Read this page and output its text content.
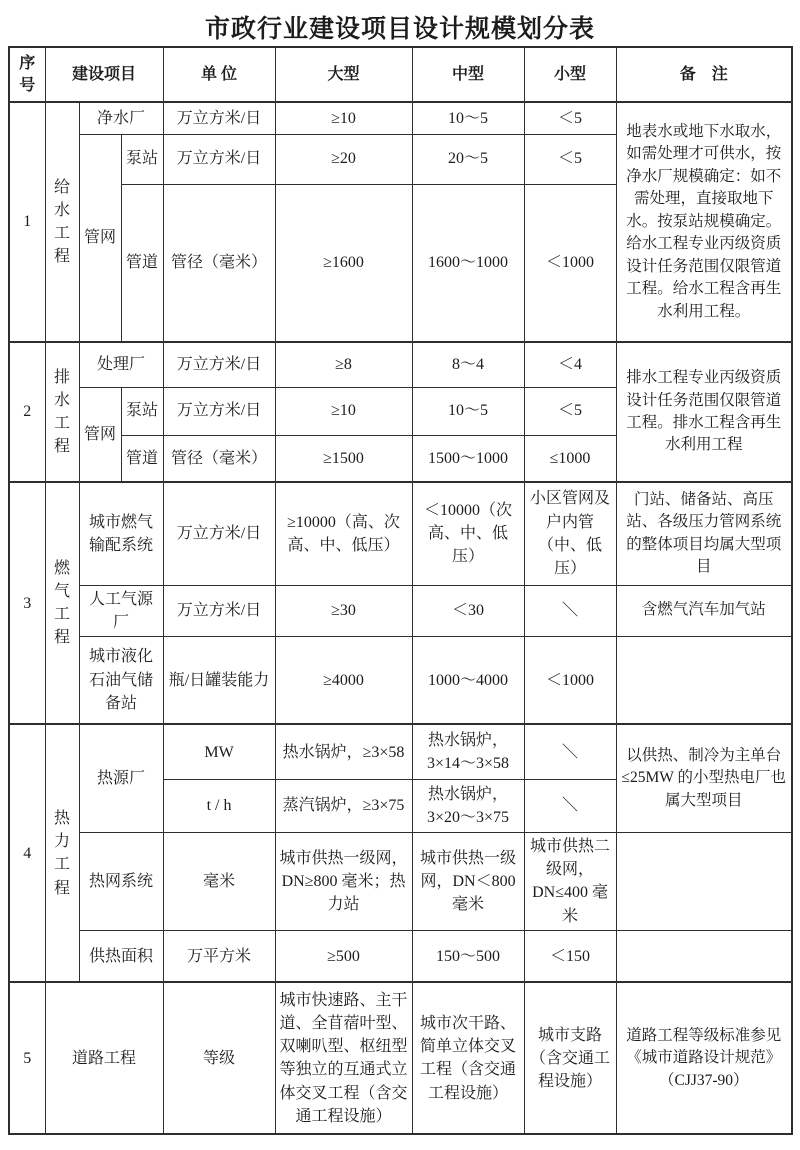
市政行业建设项目设计规模划分表
序号	建设项目			单 位	大型	中型	小型	备　注
1	给水工程	净水厂		万立方米/日	≥10	10～5	＜5	地表水或地下水取水，如需处理才可供水，按净水厂规模确定：如不需处理，直接取地下水。按泵站规模确定。给水工程专业丙级资质设计任务范围仅限管道工程。给水工程含再生水利用工程。
		管网	泵站	万立方米/日	≥20	20～5	＜5	
			管道	管径（毫米）	≥1600	1600～1000	＜1000	
2	排水工程	处理厂		万立方米/日	≥8	8～4	＜4	排水工程专业丙级资质设计任务范围仅限管道工程。排水工程含再生水利用工程
		管网	泵站	万立方米/日	≥10	10～5	＜5	
			管道	管径（毫米）	≥1500	1500～1000	≤1000	
3	燃气工程	城市燃气输配系统		万立方米/日	≥10000（高、次高、中、低压）	＜10000（次高、中、低压）	小区管网及户内管（中、低压）	门站、储备站、高压站、各级压力管网系统的整体项目均属大型项目
		人工气源厂		万立方米/日	≥30	＜30	＼	含燃气汽车加气站
		城市液化石油气储备站		瓶/日罐装能力	≥4000	1000～4000	＜1000	
4	热力工程	热源厂		MW	热水锅炉，≥3×58	热水锅炉，3×14～3×58	＼	以供热、制冷为主单台≤25MW 的小型热电厂也属大型项目
				t / h	蒸汽锅炉，≥3×75	热水锅炉，3×20～3×75	＼	
		热网系统		毫米	城市供热一级网，DN≥800 毫米；热力站	城市供热一级网，DN＜800 毫米	城市供热二级网，DN≤400 毫米	
		供热面积		万平方米	≥500	150～500	＜150	
5	道路工程			等级	城市快速路、主干道、全苜蓿叶型、双喇叭型、枢纽型等独立的互通式立体交叉工程（含交通工程设施）	城市次干路、简单立体交叉工程（含交通工程设施）	城市支路（含交通工程设施）	道路工程等级标准参见《城市道路设计规范》（CJJ37-90）
